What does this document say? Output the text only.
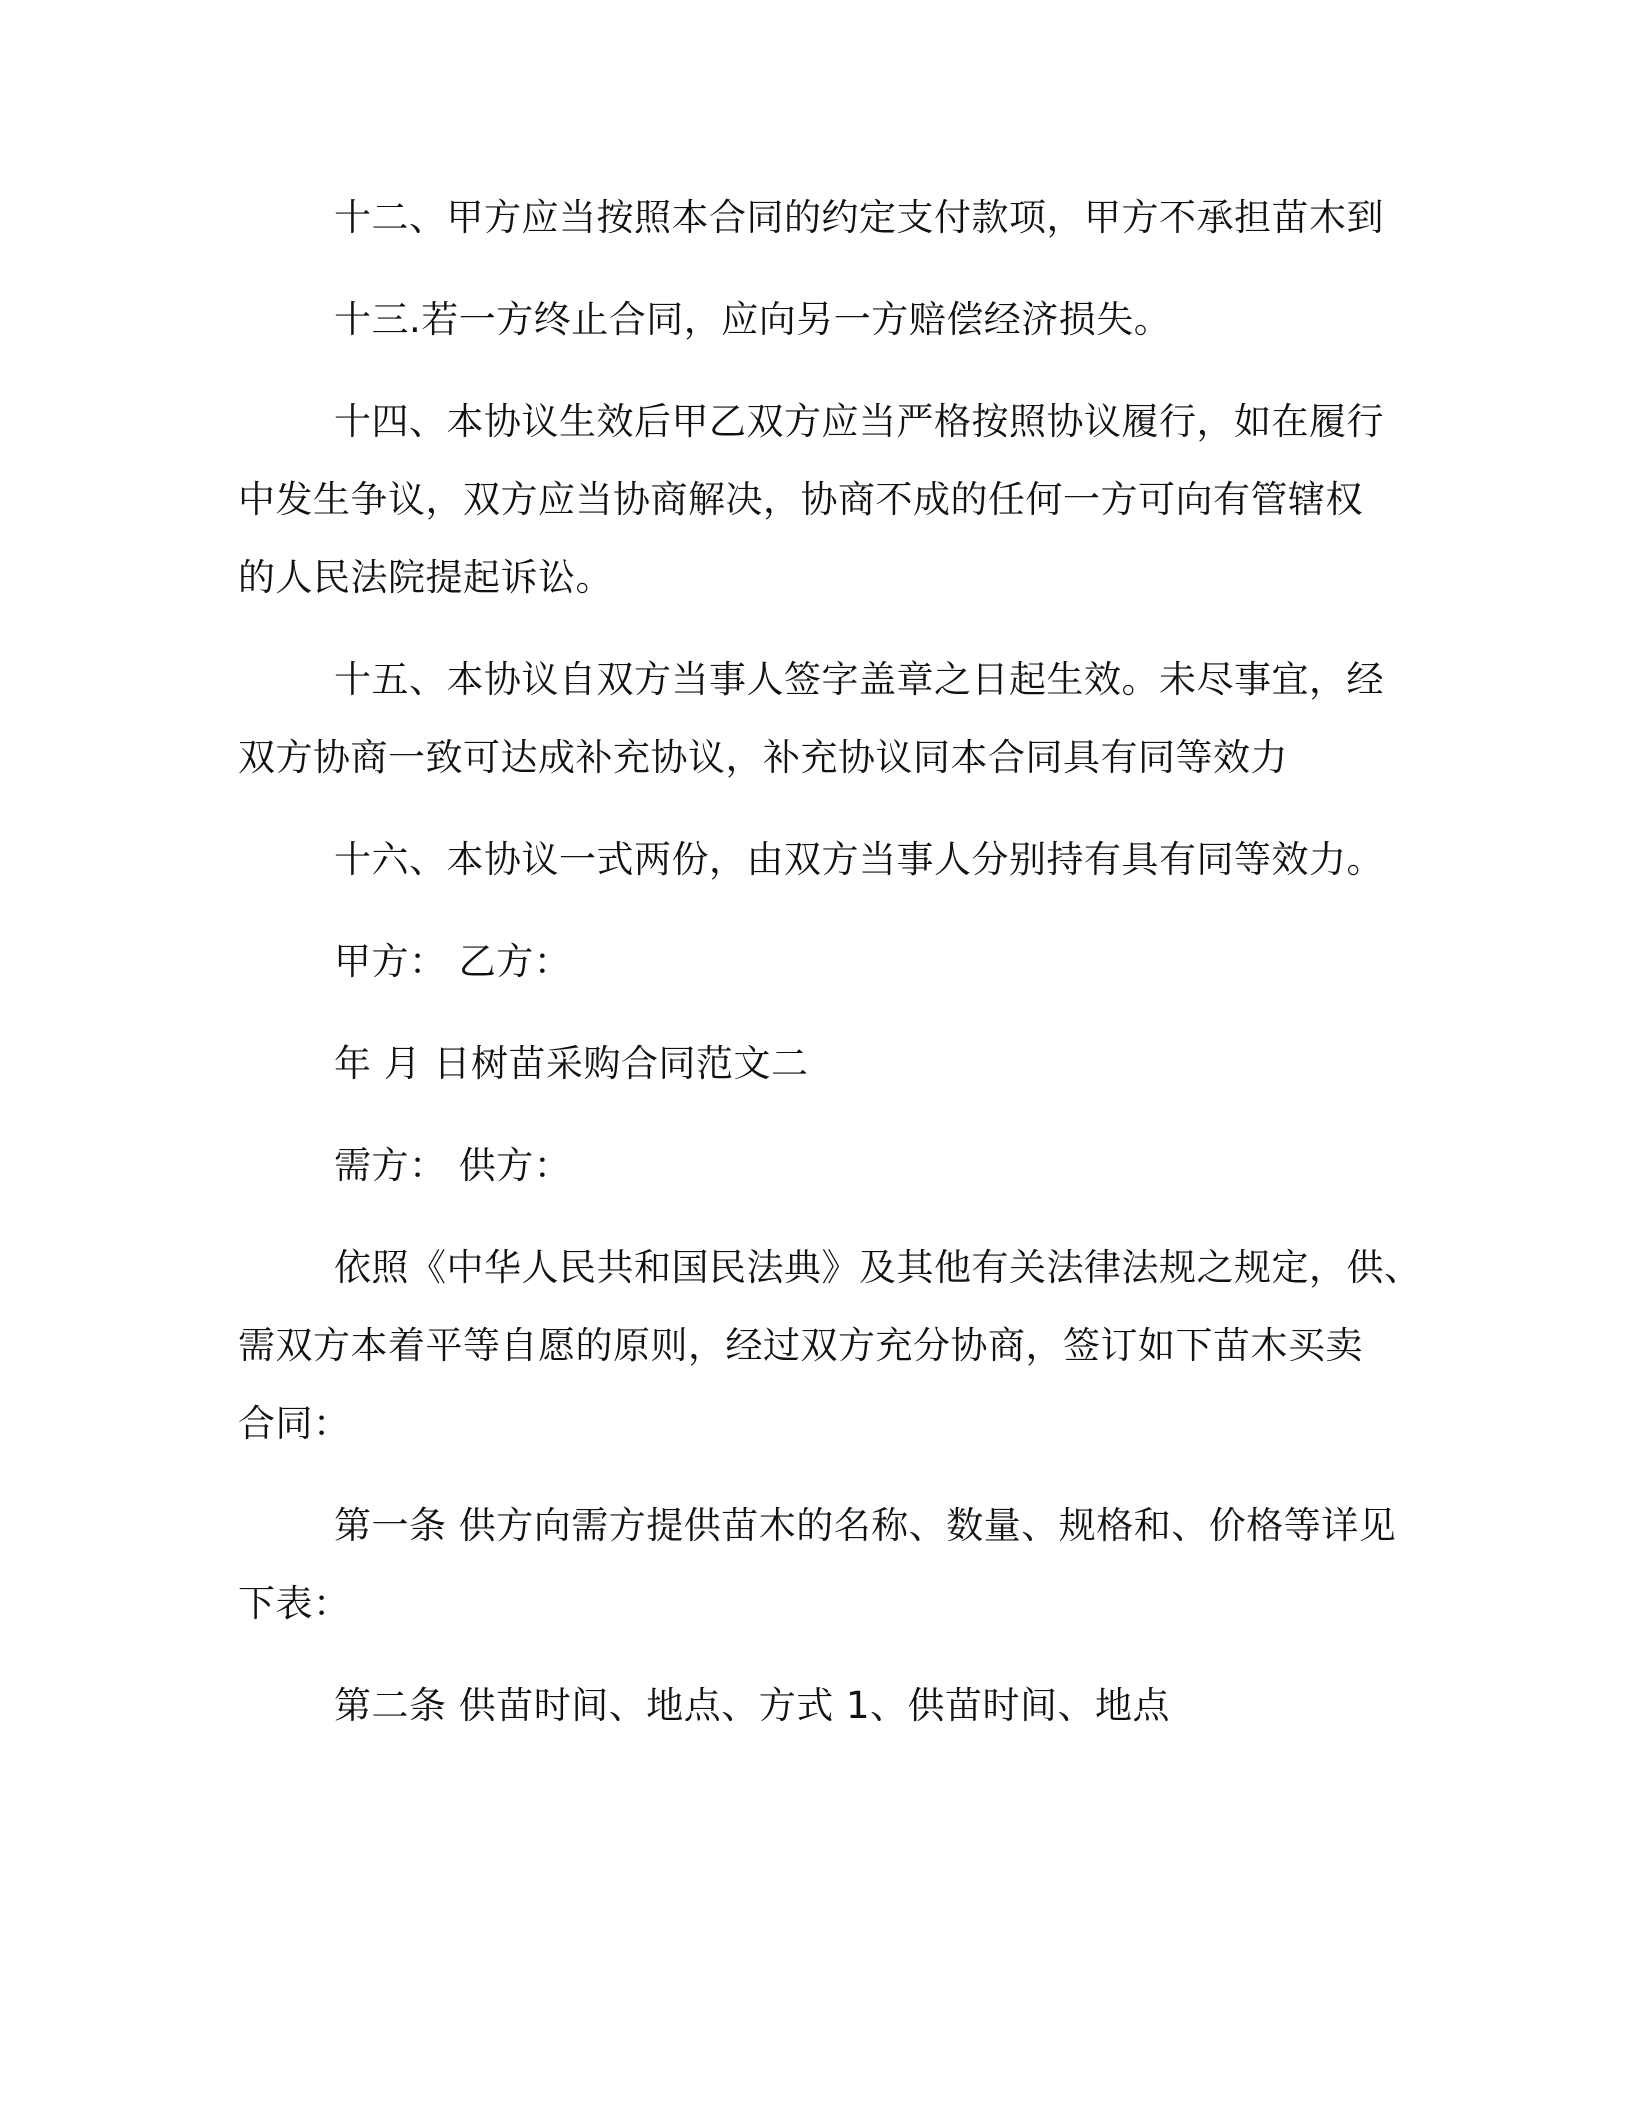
十二、甲方应当按照本合同的约定支付款项，甲方不承担苗木到
十三.若一方终止合同，应向另一方赔偿经济损失。
十四、本协议生效后甲乙双方应当严格按照协议履行，如在履行
中发生争议，双方应当协商解决，协商不成的任何一方可向有管辖权
的人民法院提起诉讼。
十五、本协议自双方当事人签字盖章之日起生效。未尽事宜，经
双方协商一致可达成补充协议，补充协议同本合同具有同等效力
十六、本协议一式两份，由双方当事人分别持有具有同等效力。
甲方： 乙方：
年 月 日树苗采购合同范文二
需方： 供方：
依照《中华人民共和国民法典》及其他有关法律法规之规定，供、
需双方本着平等自愿的原则，经过双方充分协商，签订如下苗木买卖
合同：
第一条 供方向需方提供苗木的名称、数量、规格和、价格等详见
下表：
第二条 供苗时间、地点、方式 1、供苗时间、地点
